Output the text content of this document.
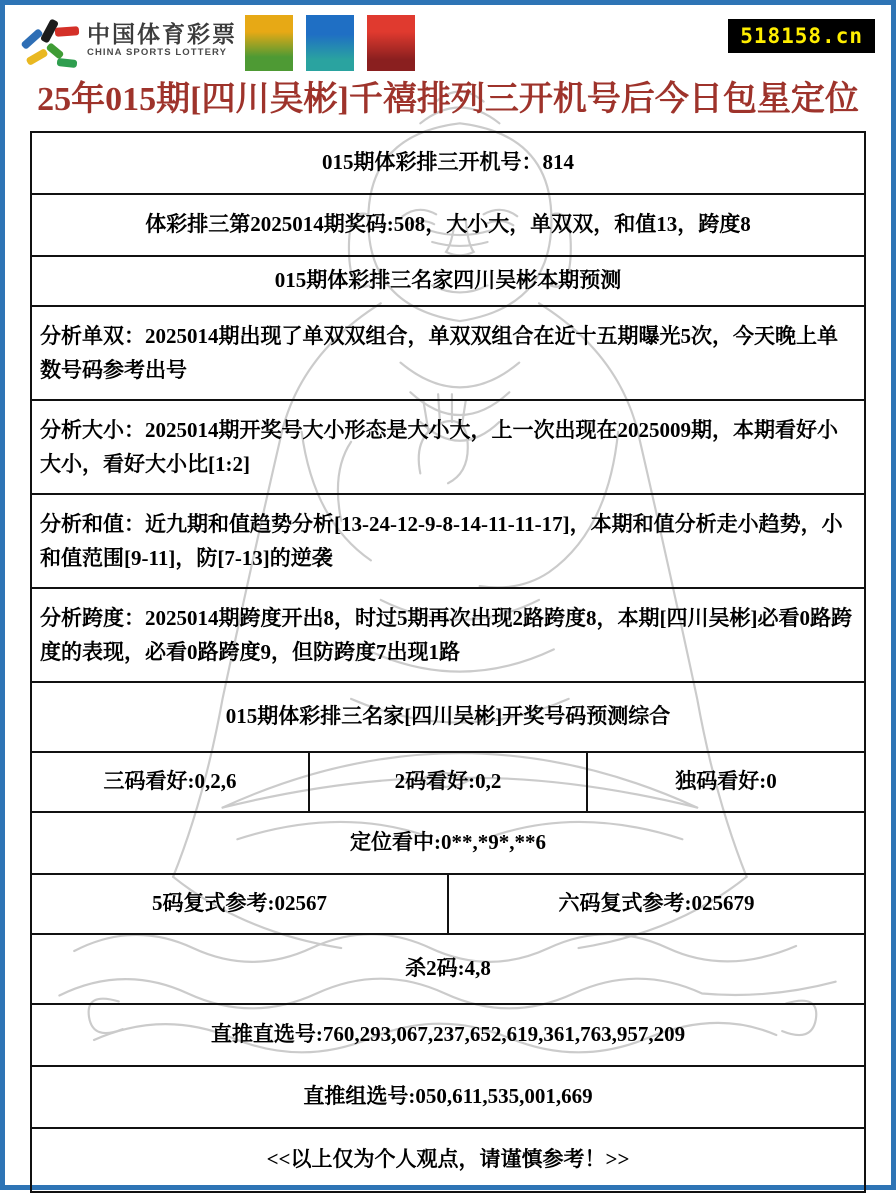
中国体育彩票
CHINA SPORTS LOTTERY

518158.cn
25年015期[四川吴彬]千禧排列三开机号后今日包星定位
015期体彩排三开机号：814
体彩排三第2025014期奖码:508，大小大，单双双，和值13，跨度8
015期体彩排三名家四川吴彬本期预测
分析单双：2025014期出现了单双双组合，单双双组合在近十五期曝光5次，今天晚上单数号码参考出号
分析大小：2025014期开奖号大小形态是大小大，上一次出现在2025009期，本期看好小大小，看好大小比[1:2]
分析和值：近九期和值趋势分析[13-24-12-9-8-14-11-11-17]，本期和值分析走小趋势，小和值范围[9-11]，防[7-13]的逆袭
分析跨度：2025014期跨度开出8，时过5期再次出现2路跨度8，本期[四川吴彬]必看0路跨度的表现，必看0路跨度9，但防跨度7出现1路
015期体彩排三名家[四川吴彬]开奖号码预测综合
三码看好:0,2,6	2码看好:0,2	独码看好:0
定位看中:0**,*9*,**6
5码复式参考:02567	六码复式参考:025679
杀2码:4,8
直推直选号:760,293,067,237,652,619,361,763,957,209
直推组选号:050,611,535,001,669
<<以上仅为个人观点，请谨慎参考！>>
